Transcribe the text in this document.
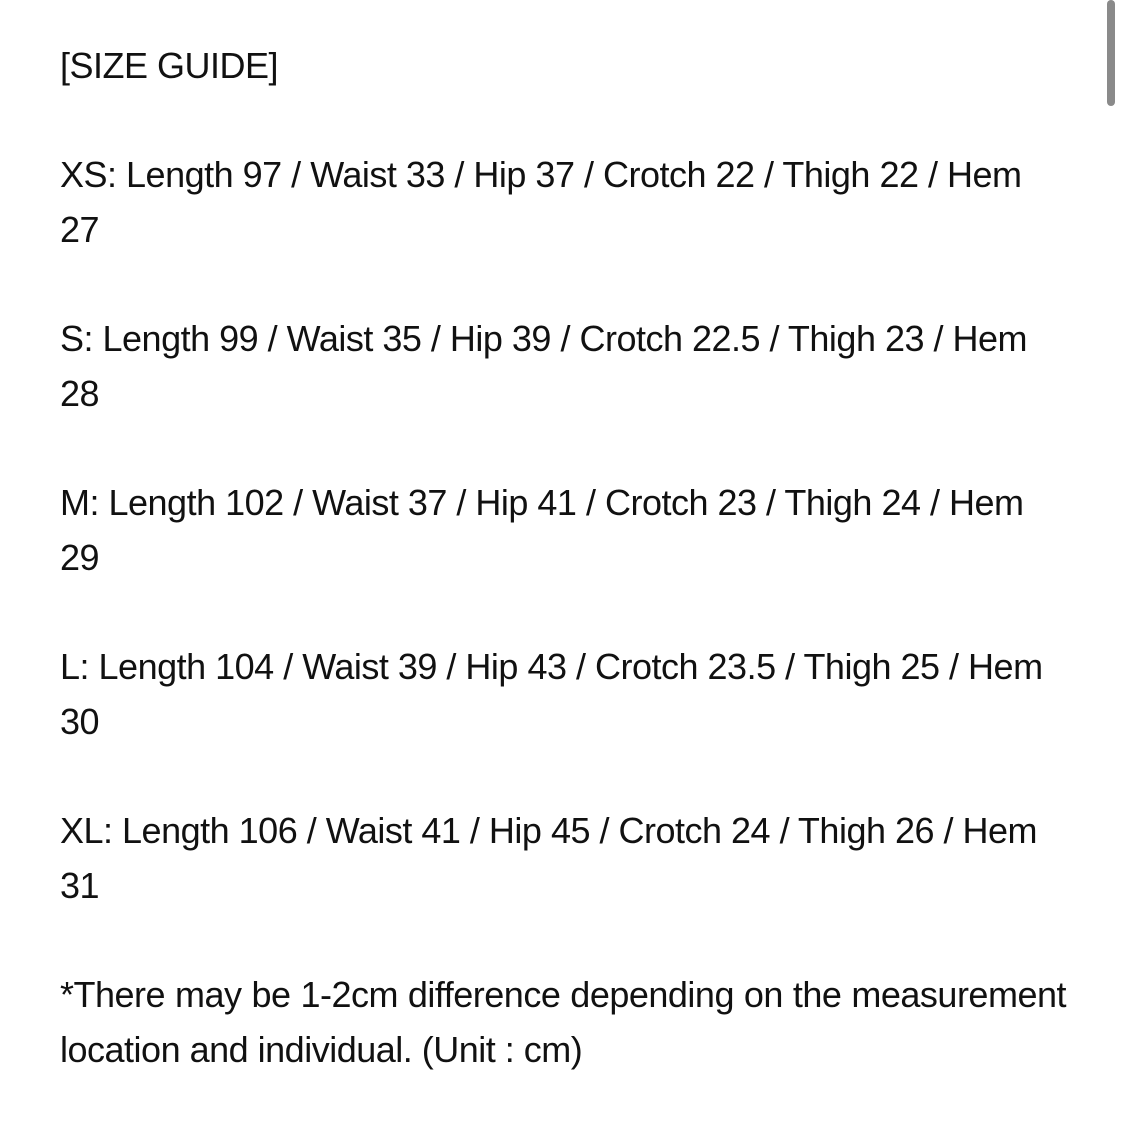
[SIZE GUIDE]
XS: Length 97 / Waist 33 / Hip 37 / Crotch 22 / Thigh 22 / Hem 27
S: Length 99 / Waist 35 / Hip 39 / Crotch 22.5 / Thigh 23 / Hem 28
M: Length 102 / Waist 37 / Hip 41 / Crotch 23 / Thigh 24 / Hem 29
L: Length 104 / Waist 39 / Hip 43 / Crotch 23.5 / Thigh 25 / Hem 30
XL: Length 106 / Waist 41 / Hip 45 / Crotch 24 / Thigh 26 / Hem 31
*There may be 1-2cm difference depending on the measurement location and individual. (Unit : cm)
